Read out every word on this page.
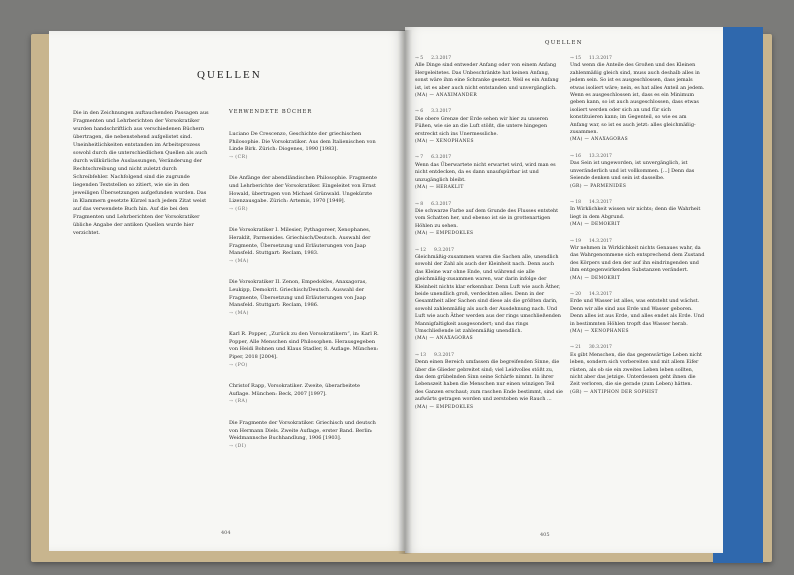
QUELLEN
Die in den Zeichnungen auftauchenden Passagen aus Fragmenten und Lehrberichten der Vorsokratiker wurden handschriftlich aus verschiedenen Büchern übertragen, die nebenstehend aufgelistet sind. Uneinheitlichkeiten entstanden im Arbeitsprozess sowohl durch die unterschiedlichen Quellen als auch durch willkürliche Auslassungen, Veränderung der Rechtschreibung und nicht zuletzt durch Schreibfehler. Nachfolgend sind die zugrunde liegenden Textstellen so zitiert, wie sie in den jeweiligen Übersetzungen aufgefunden wurden. Das in Klammern gesetzte Kürzel nach jedem Zitat weist auf das verwendete Buch hin. Auf die bei den Fragmenten und Lehrberichten der Vorsokratiker übliche Angabe der antiken Quellen wurde hier verzichtet.
VERWENDETE BÜCHER
Luciano De Crescenzo, Geschichte der griechischen Philosophie. Die Vorsokratiker. Aus dem Italienischen von Linde Birk. Zürich: Diogenes, 1990 [1983].
→ (CR)
Die Anfänge der abendländischen Philosophie. Fragmente und Lehrberichte der Vorsokratiker. Eingeleitet von Ernst Howald, übertragen von Michael Grünwald. Ungekürzte Lizenzausgabe. Zürich: Artemis, 1970 [1949].
→ (GR)
Die Vorsokratiker I. Milesier, Pythagoreer, Xenophanes, Heraklit, Parmenides. Griechisch/Deutsch. Auswahl der Fragmente, Übersetzung und Erläuterungen von Jaap Mansfeld. Stuttgart: Reclam, 1983.
→ (MA)
Die Vorsokratiker II. Zenon, Empedokles, Anaxagoras, Leukipp, Demokrit. Griechisch/Deutsch. Auswahl der Fragmente, Übersetzung und Erläuterungen von Jaap Mansfeld. Stuttgart: Reclam, 1986.
→ (MA)
Karl R. Popper, „Zurück zu den Vorsokratikern“, in: Karl R. Popper, Alle Menschen sind Philosophen. Herausgegeben von Heidi Bohnen und Klaus Stadler, 8. Auflage. München: Piper, 2018 [2004].
→ (PO)
Christof Rapp, Vorsokratiker. Zweite, überarbeitete Auflage. München: Beck, 2007 [1997].
→ (RA)
Die Fragmente der Vorsokratiker. Griechisch und deutsch von Hermann Diels. Zweite Auflage, erster Band. Berlin: Weidmannsche Buchhandlung, 1906 [1903].
→ (DI)
404
QUELLEN
→ 5 2.3.2017
Alle Dinge sind entweder Anfang oder von einem Anfang Hergeleitetes. Das Unbeschränkte hat keinen Anfang, sonst wäre ihm eine Schranke gesetzt. Weil es ein Anfang ist, ist es aber auch nicht entstanden und unvergänglich.
(MA) — ANAXIMANDER
→ 6 3.3.2017
Die obere Grenze der Erde sehen wir hier zu unseren Füßen, wie sie an die Luft stößt, die untere hingegen erstreckt sich ins Unermessliche.
(MA) — XENOPHANES
→ 7 6.3.2017
Wenn das Überwartete nicht erwartet wird, wird man es nicht entdecken, da es dann unaufspürbar ist und unzugänglich bleibt.
(MA) — HERAKLIT
→ 8 6.3.2017
Die schwarze Farbe auf dem Grunde des Flusses entsteht vom Schatten her, und ebenso ist sie in grottenartigen Höhlen zu sehen.
(MA) — EMPEDOKLES
→ 12 9.3.2017
Gleichmäßig-zusammen waren die Sachen alle, unendlich sowohl der Zahl als auch der Kleinheit nach. Denn auch das Kleine war ohne Ende, und während sie alle gleichmäßig-zusammen waren, war darin infolge der Kleinheit nichts klar erkennbar. Denn Luft wie auch Äther, beide unendlich groß, verdeckten alles. Denn in der Gesamtheit aller Sachen sind diese als die größten darin, sowohl zahlenmäßig als auch der Ausdehnung nach. Und Luft wie auch Äther werden aus der rings umschließenden Mannigfaltigkeit ausgesondert; und das rings Umschließende ist zahlenmäßig unendlich.
(MA) — ANAXAGORAS
→ 13 9.3.2017
Denn einen Bereich umfassen die begreifenden Sinne, die über die Glieder gebreitet sind; viel Leidvolles stößt zu, das dem grübelnden Sinn seine Schärfe nimmt. In ihrer Lebenszeit haben die Menschen nur einen winzigen Teil des Ganzen erschaut; zum raschen Ende bestimmt, sind sie aufwärts getragen worden und zerstoben wie Rauch ...
(MA) — EMPEDOKLES
→ 15 11.3.2017
Und wenn die Anteile des Großen und des Kleinen zahlenmäßig gleich sind, muss auch deshalb alles in jedem sein. So ist es ausgeschlossen, dass jemals etwas isoliert wäre; nein, es hat alles Anteil an jedem. Wenn es ausgeschlossen ist, dass es ein Minimum geben kann, so ist auch ausgeschlossen, dass etwas isoliert werden oder sich an und für sich konstituieren kann; im Gegenteil, so wie es am Anfang war, so ist es auch jetzt: alles gleichmäßig-zusammen.
(MA) — ANAXAGORAS
→ 16 13.3.2017
Das Sein ist ungeworden, ist unvergänglich, ist unveränderlich und ist vollkommen. [...] Denn das Seiende denken und sein ist dasselbe.
(GR) — PARMENIDES
→ 18 14.3.2017
In Wirklichkeit wissen wir nichts; denn die Wahrheit liegt in dem Abgrund.
(MA) — DEMOKRIT
→ 19 14.3.2017
Wir nehmen in Wirklichkeit nichts Genaues wahr, da das Wahrgenommene sich entsprechend dem Zustand des Körpers und den der auf ihn eindringenden und ihm entgegenwirkenden Substanzen verändert.
(MA) — DEMOKRIT
→ 20 14.3.2017
Erde und Wasser ist alles, was entsteht und wächst. Denn wir alle sind aus Erde und Wasser geboren. Denn alles ist aus Erde, und alles endet als Erde. Und in bestimmten Höhlen tropft das Wasser herab.
(MA) — XENOPHANES
→ 21 30.3.2017
Es gibt Menschen, die das gegenwärtige Leben nicht leben, sondern sich vorbereiten und mit allem Eifer rüsten, als ob sie ein zweites Leben leben sollten, nicht aber das jetzige. Unterdessen geht ihnen die Zeit verloren, die sie gerade (zum Leben) hätten.
(GR) — ANTIPHON DER SOPHIST
405
